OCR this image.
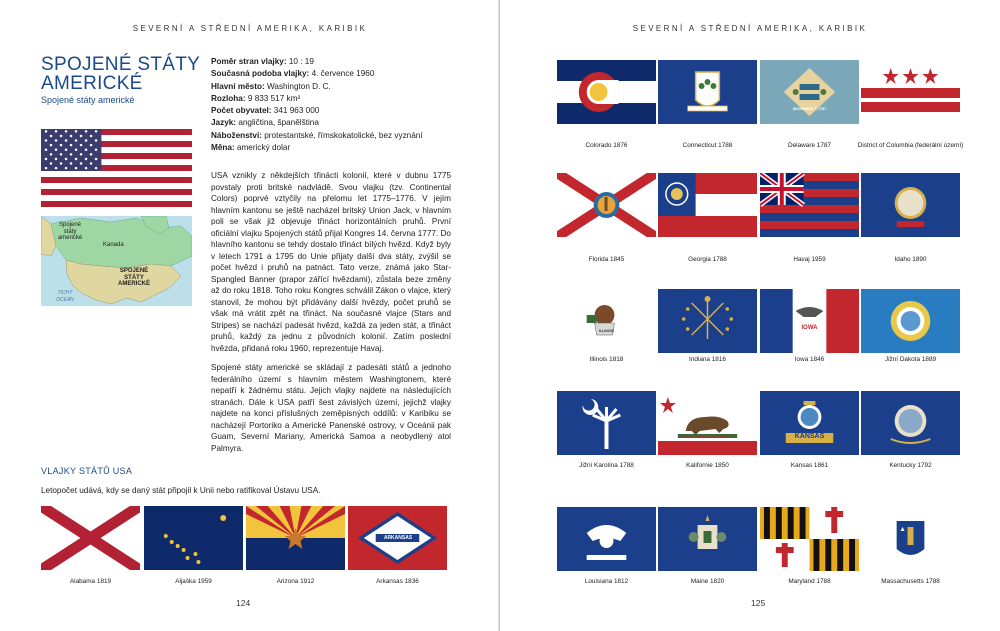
SEVERNÍ A STŘEDNÍ AMERIKA, KARIBIK
SPOJENÉ STÁTY
AMERICKÉ
Spojené státy americké
Spojené státy americké
Kanada
SPOJENÉ STÁTY AMERICKÉ
TICHÝ OCEÁN
Poměr stran vlajky: 10 : 19
Současná podoba vlajky: 4. července 1960
Hlavní město: Washington D. C.
Rozloha: 9 833 517 km²
Počet obyvatel: 341 963 000
Jazyk: angličtina, španělština
Náboženství: protestantské, římskokatolické, bez vyznání
Měna: americký dolar

USA vznikly z někdejších třinácti kolonií, které v dubnu 1775 povstaly proti britské nadvládě. Svou vlajku (tzv. Continental Colors) poprvé vztyčily na přelomu let 1775–1776. V jejím hlavním kantonu se ještě nacházel britský Union Jack, v hlavním poli se však již objevuje třináct horizontálních pruhů. První oficiální vlajku Spojených států přijal Kongres 14. června 1777. Do hlavního kantonu se tehdy dostalo třináct bílých hvězd. Když byly v letech 1791 a 1795 do Unie přijaty další dva státy, zvýšil se počet hvězd i pruhů na patnáct. Tato verze, známá jako Star-Spangled Banner (prapor zářící hvězdami), zůstala beze změny až do roku 1818. Toho roku Kongres schválil Zákon o vlajce, který stanovil, že mohou být přidávány další hvězdy, počet pruhů se však má vrátit zpět na třináct. Na současné vlajce (Stars and Stripes) se nachází padesát hvězd, každá za jeden stát, a třináct pruhů, každý za jednu z původních kolonií. Zatím poslední hvězda, přidaná roku 1960, reprezentuje Havaj.

Spojené státy americké se skládají z padesáti států a jednoho federálního území s hlavním městem Washingtonem, které nepatří k žádnému státu. Jejich vlajky najdete na následujících stranách. Dále k USA patří šest závislých území, jejichž vlajky najdete na konci příslušných zeměpisných oddílů: v Karibiku se nacházejí Portoriko a Americké Panenské ostrovy, v Oceánii pak Guam, Severní Mariany, Americká Samoa a neobydlený atol Palmyra.

VLAJKY STÁTŮ USA
Letopočet udává, kdy se daný stát připojil k Unii nebo ratifikoval Ústavu USA.
Alabama 1819	Aljaška 1959	Arizona 1912
ARKANSAS
Arkansas 1836
124
SEVERNÍ A STŘEDNÍ AMERIKA, KARIBIK
Colorado 1876	Connecticut 1788
DECEMBER 7, 1787
Delaware 1787	District of Columbia (federální území)
Florida 1845	Georgia 1788	Havaj 1959	Idaho 1890
ILLINOIS
Illinois 1818	Indiana 1816
IOWA
Iowa 1846	Jižní Dakota 1889
Jižní Karolína 1788
CALIFORNIA REPUBLIC
Kalifornie 1850
KANSAS
Kansas 1861	Kentucky 1792
Louisiana 1812	Maine 1820	Maryland 1788	Massachusetts 1788
125
